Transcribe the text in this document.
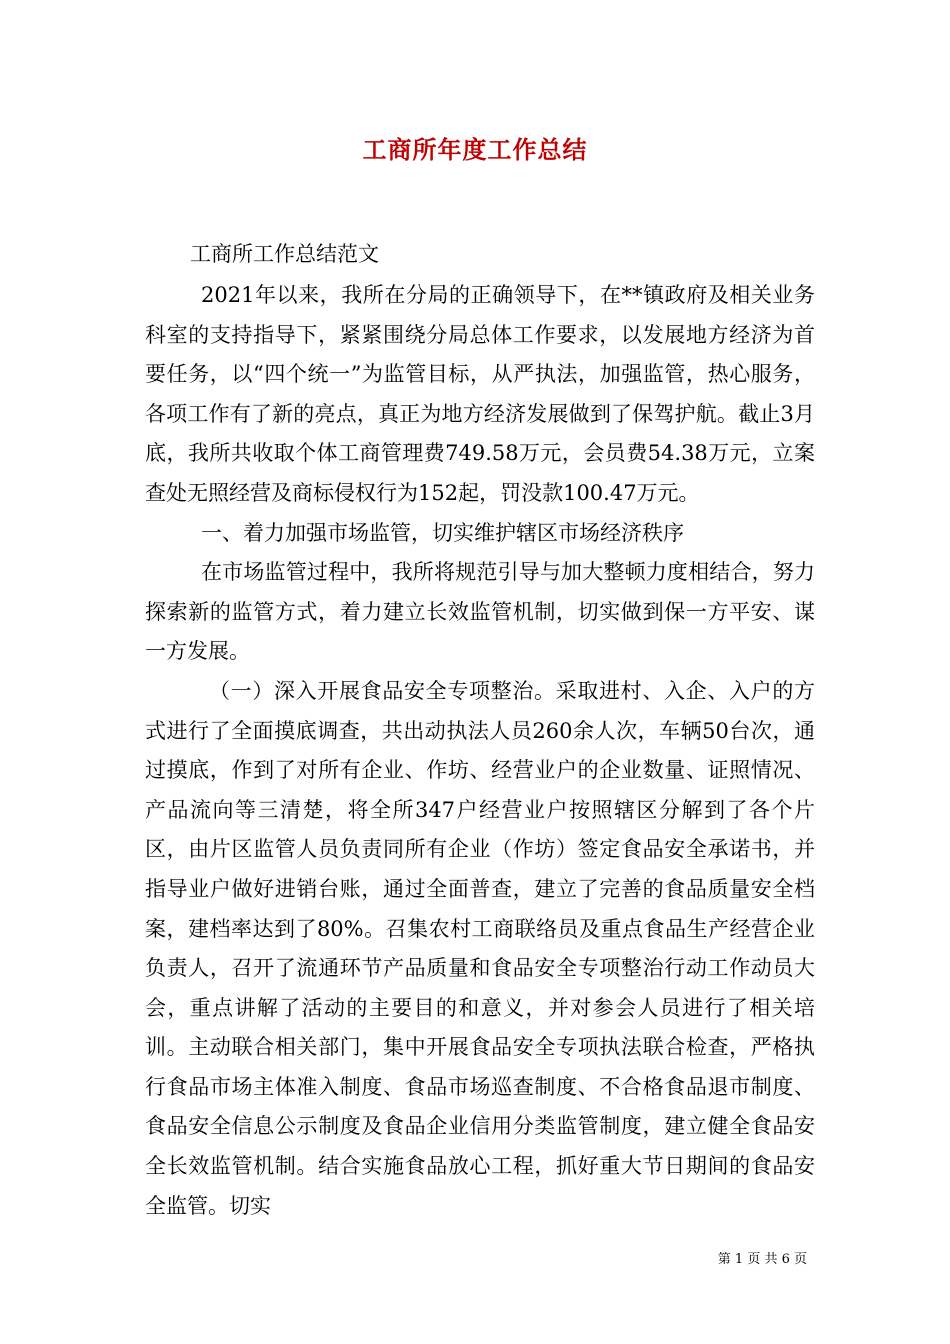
工商所年度工作总结
工商所工作总结范文

2021年以来，我所在分局的正确领导下，在**镇政府及相关业务科室的支持指导下，紧紧围绕分局总体工作要求，以发展地方经济为首要任务，以“四个统一”为监管目标，从严执法，加强监管，热心服务，各项工作有了新的亮点，真正为地方经济发展做到了保驾护航。截止3月底，我所共收取个体工商管理费749.58万元，会员费54.38万元，立案查处无照经营及商标侵权行为152起，罚没款100.47万元。

一、着力加强市场监管，切实维护辖区市场经济秩序

在市场监管过程中，我所将规范引导与加大整顿力度相结合，努力探索新的监管方式，着力建立长效监管机制，切实做到保一方平安、谋一方发展。

（一）深入开展食品安全专项整治。采取进村、入企、入户的方式进行了全面摸底调查，共出动执法人员260余人次，车辆50台次，通过摸底，作到了对所有企业、作坊、经营业户的企业数量、证照情况、产品流向等三清楚，将全所347户经营业户按照辖区分解到了各个片区，由片区监管人员负责同所有企业（作坊）签定食品安全承诺书，并指导业户做好进销台账，通过全面普查，建立了完善的食品质量安全档案，建档率达到了80%。召集农村工商联络员及重点食品生产经营企业负责人，召开了流通环节产品质量和食品安全专项整治行动工作动员大会，重点讲解了活动的主要目的和意义，并对参会人员进行了相关培训。主动联合相关部门，集中开展食品安全专项执法联合检查，严格执行食品市场主体准入制度、食品市场巡查制度、不合格食品退市制度、食品安全信息公示制度及食品企业信用分类监管制度，建立健全食品安全长效监管机制。结合实施食品放心工程，抓好重大节日期间的食品安全监管。切实

第 1 页 共 6 页
